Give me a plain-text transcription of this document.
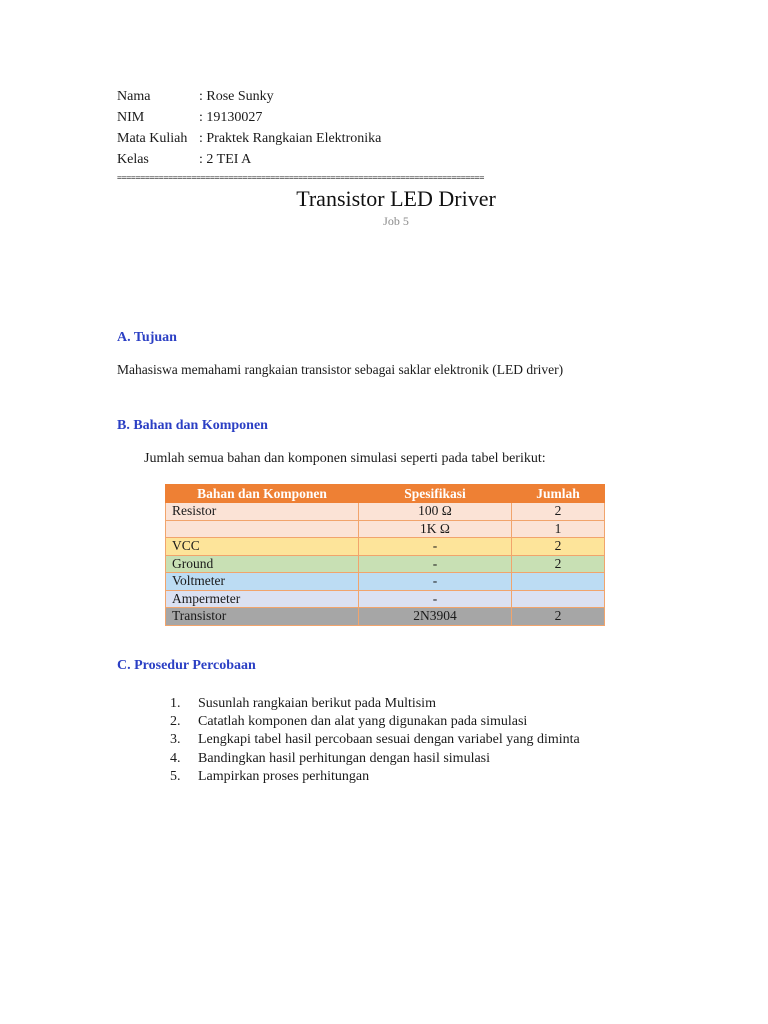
Nama	: Rose Sunky
NIM	: 19130027
Mata Kuliah : Praktek Rangkaian Elektronika
Kelas	: 2 TEI A
===============================================================================
Transistor LED Driver
Job 5
A. Tujuan
Mahasiswa memahami rangkaian transistor sebagai saklar elektronik (LED driver)
B. Bahan dan Komponen
Jumlah semua bahan dan komponen simulasi seperti pada tabel berikut:
Bahan dan Komponen	Spesifikasi	Jumlah
Resistor	100 Ω	2
	1K Ω	1
VCC	-	2
Ground	-	2
Voltmeter	-	
Ampermeter	-	
Transistor	2N3904	2
C. Prosedur Percobaan
1. Susunlah rangkaian berikut pada Multisim
2. Catatlah komponen dan alat yang digunakan pada simulasi
3. Lengkapi tabel hasil percobaan sesuai dengan variabel yang diminta
4. Bandingkan hasil perhitungan dengan hasil simulasi
5. Lampirkan proses perhitungan
